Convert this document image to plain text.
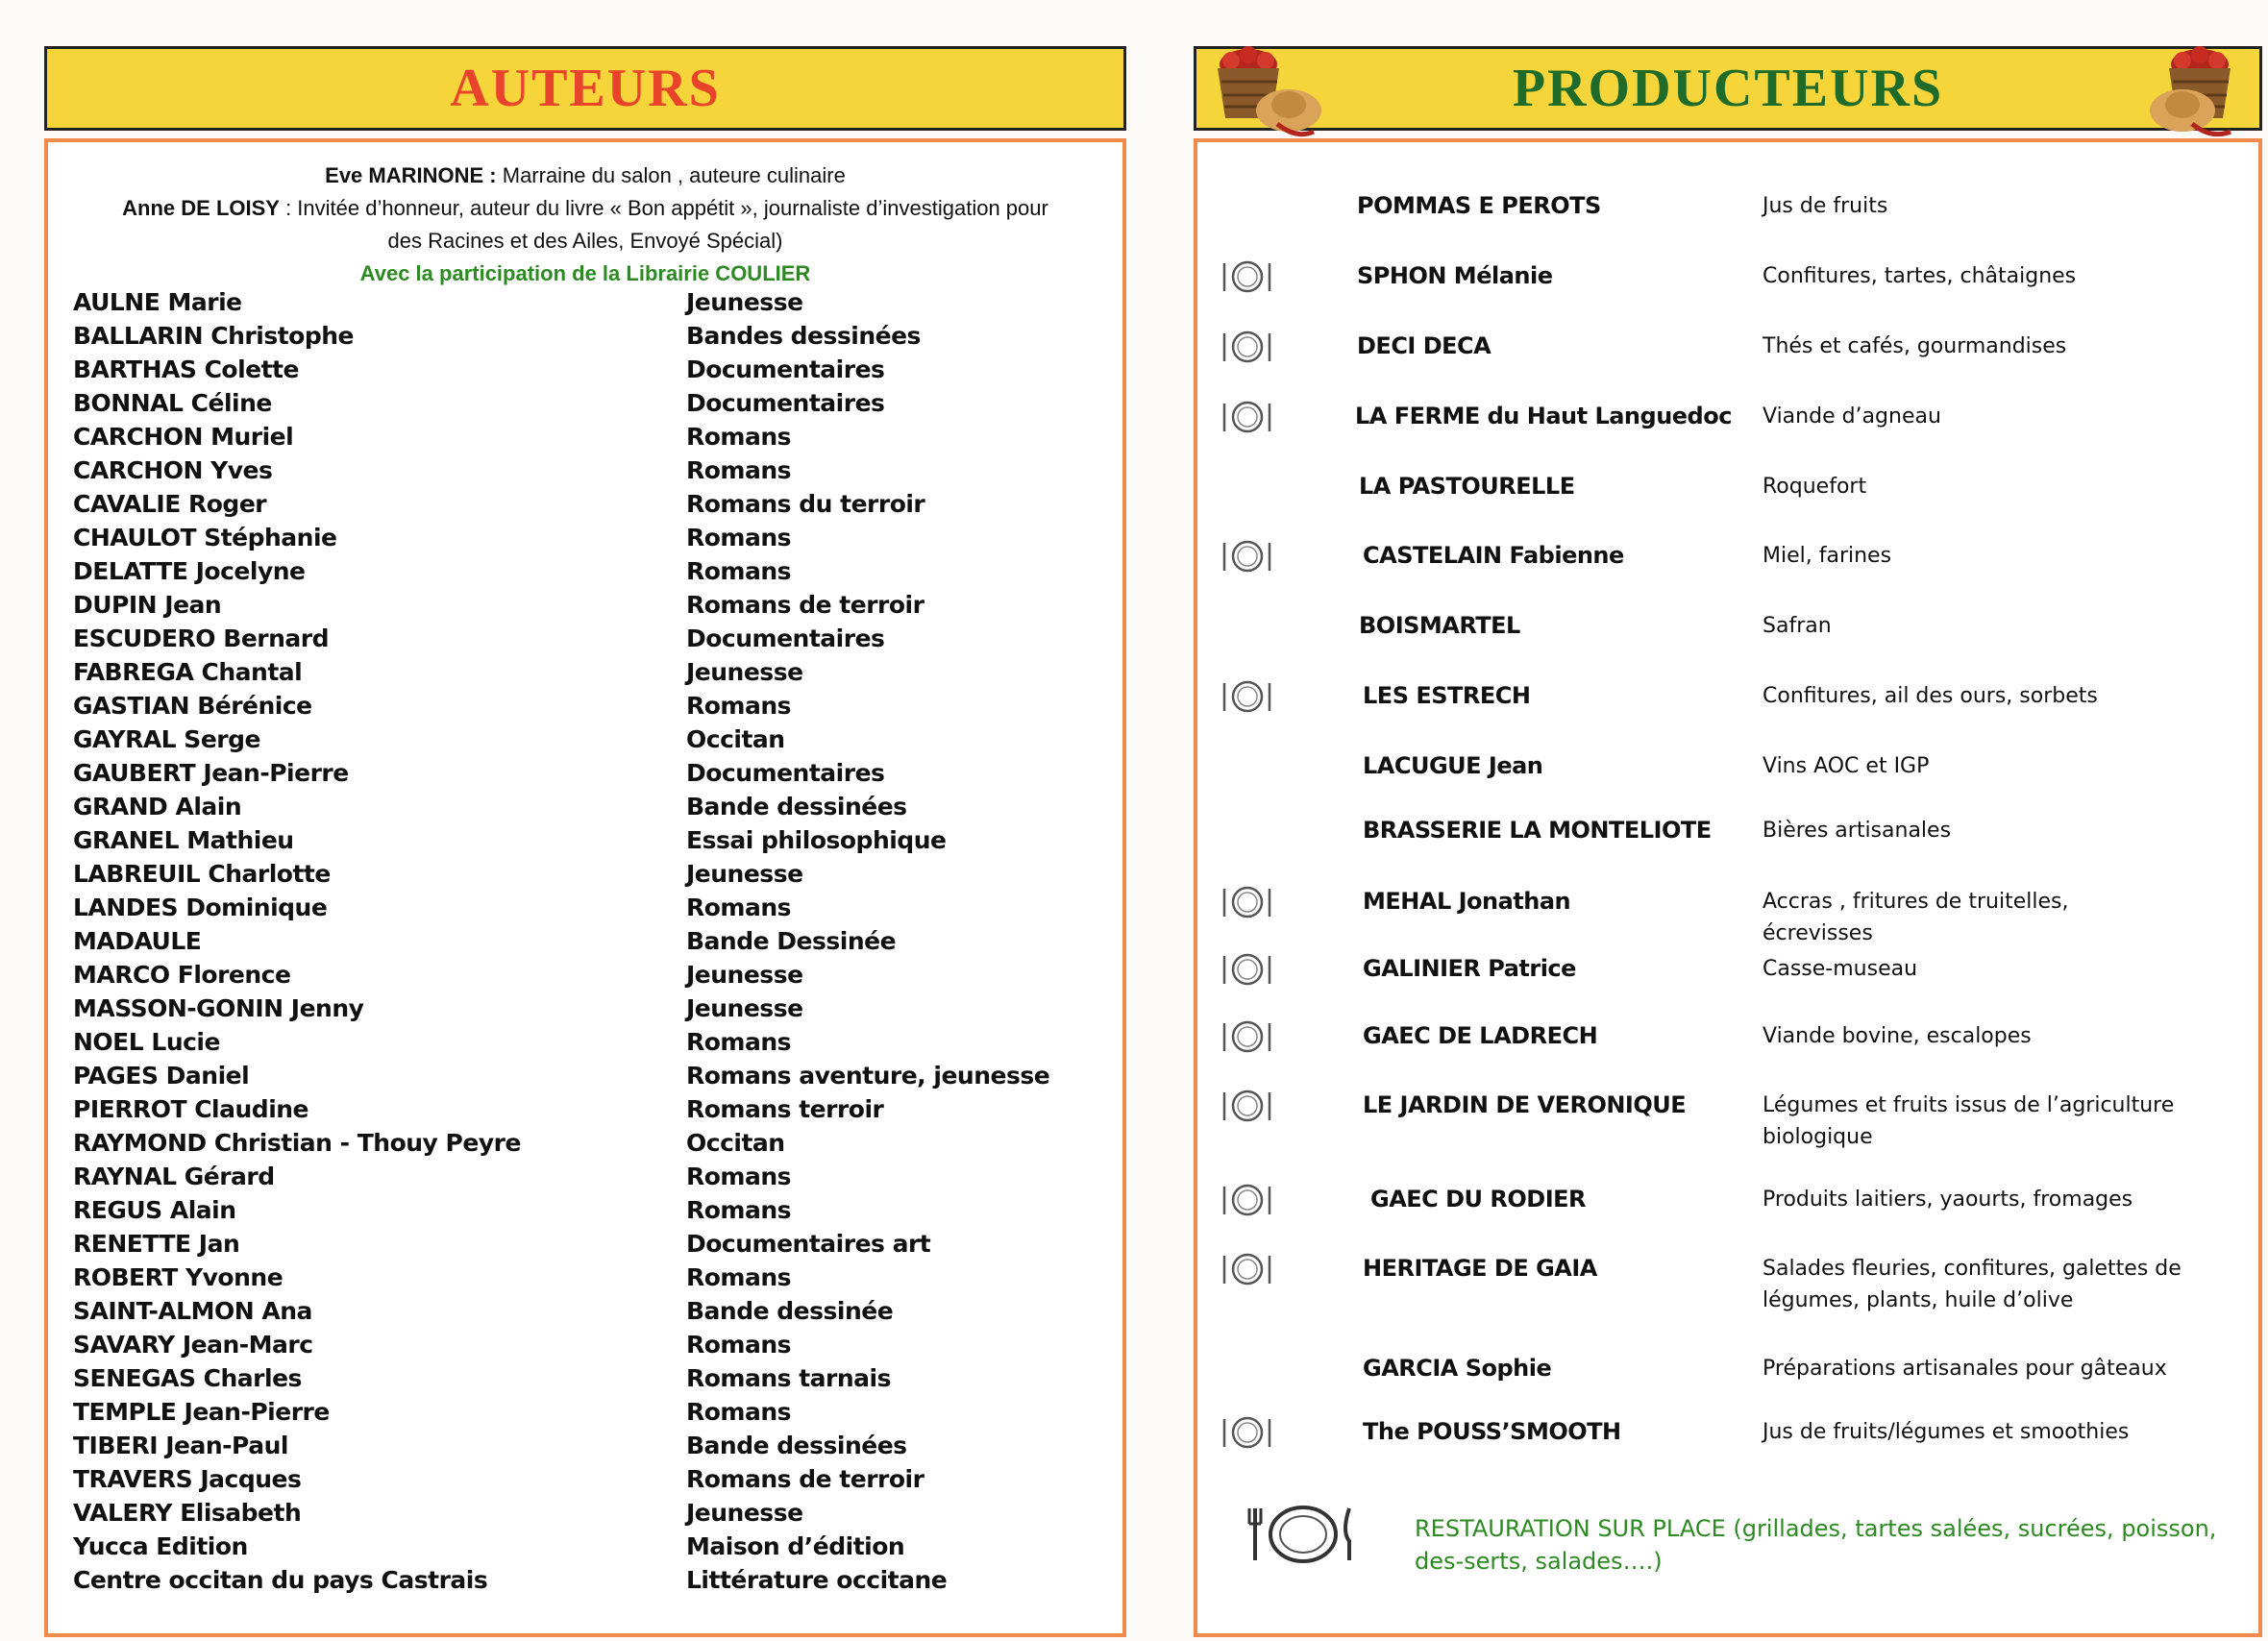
AUTEURS
Eve MARINONE : Marraine du salon , auteure culinaire
Anne DE LOISY : Invitée d’honneur, auteur du livre « Bon appétit », journaliste d’investigation pour
des Racines et des Ailes, Envoyé Spécial)
Avec la participation de la Librairie COULIER
AULNE Marie	Jeunesse
BALLARIN Christophe	Bandes dessinées
BARTHAS Colette	Documentaires
BONNAL Céline	Documentaires
CARCHON Muriel	Romans
CARCHON Yves	Romans
CAVALIE Roger	Romans du terroir
CHAULOT Stéphanie	Romans
DELATTE Jocelyne	Romans
DUPIN Jean	Romans de terroir
ESCUDERO Bernard	Documentaires
FABREGA Chantal	Jeunesse
GASTIAN Bérénice	Romans
GAYRAL Serge	Occitan
GAUBERT Jean-Pierre	Documentaires
GRAND Alain	Bande dessinées
GRANEL Mathieu	Essai philosophique
LABREUIL Charlotte	Jeunesse
LANDES Dominique	Romans
MADAULE	Bande Dessinée
MARCO Florence	Jeunesse
MASSON-GONIN Jenny	Jeunesse
NOEL Lucie	Romans
PAGES Daniel	Romans aventure, jeunesse
PIERROT Claudine	Romans terroir
RAYMOND Christian - Thouy Peyre	Occitan
RAYNAL Gérard	Romans
REGUS Alain	Romans
RENETTE Jan	Documentaires art
ROBERT Yvonne	Romans
SAINT-ALMON Ana	Bande dessinée
SAVARY Jean-Marc	Romans
SENEGAS Charles	Romans tarnais
TEMPLE Jean-Pierre	Romans
TIBERI Jean-Paul	Bande dessinées
TRAVERS Jacques	Romans de terroir
VALERY Elisabeth	Jeunesse
Yucca Edition	Maison d’édition
Centre occitan du pays Castrais	Littérature occitane
PRODUCTEURS
POMMAS E PEROTS	Jus de fruits
SPHON Mélanie	Confitures, tartes, châtaignes
DECI DECA	Thés et cafés, gourmandises
LA FERME du Haut Languedoc Viande d’agneau
LA PASTOURELLE	Roquefort
CASTELAIN Fabienne	Miel, farines
BOISMARTEL	Safran
LES ESTRECH	Confitures, ail des ours, sorbets
LACUGUE Jean	Vins AOC et IGP
BRASSERIE LA MONTELIOTE Bières artisanales
MEHAL Jonathan	Accras , fritures de truitelles, écrevisses
GALINIER Patrice	Casse-museau
GAEC DE LADRECH	Viande bovine, escalopes
LE JARDIN DE VERONIQUE	Légumes et fruits issus de l’agriculture biologique
GAEC DU RODIER	Produits laitiers, yaourts, fromages
HERITAGE DE GAIA	Salades fleuries, confitures, galettes de légumes, plants, huile d’olive
GARCIA Sophie	Préparations artisanales pour gâteaux
The POUSS’SMOOTH	Jus de fruits/légumes et smoothies
RESTAURATION SUR PLACE (grillades, tartes salées, sucrées, poisson, des-serts, salades….)
